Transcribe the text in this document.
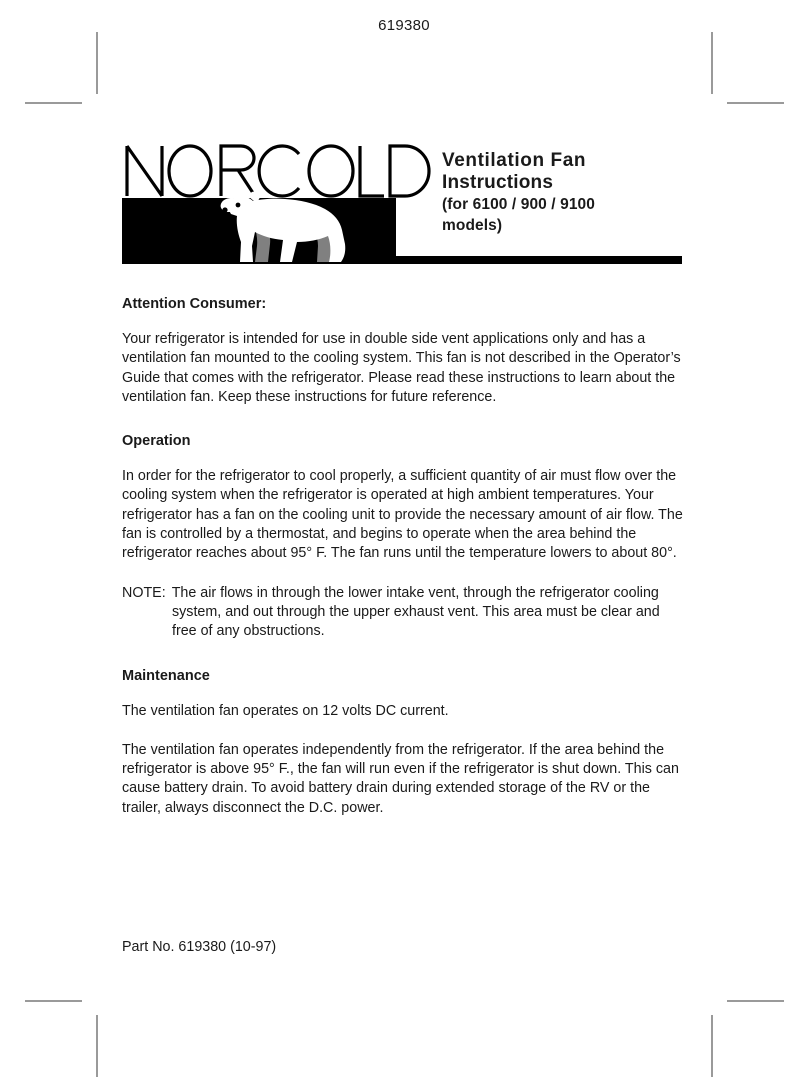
619380
Ventilation Fan
Instructions
(for 6100 / 900 / 9100
models)
Attention Consumer:

Your refrigerator is intended for use in double side vent applications only and has a ventilation fan mounted to the cooling system. This fan is not described in the Operator’s Guide that comes with the refrigerator. Please read these instructions to learn about the ventilation fan. Keep these instructions for future reference.

Operation

In order for the refrigerator to cool properly, a sufficient quantity of air must flow over the cooling system when the refrigerator is operated at high ambient temperatures. Your refrigerator has a fan on the cooling unit to provide the necessary amount of air flow. The fan is controlled by a thermostat, and begins to operate when the area behind the refrigerator reaches about 95° F. The fan runs until the temperature lowers to about 80°.

NOTE: The air flows in through the lower intake vent, through the refrigerator cooling system, and out through the upper exhaust vent. This area must be clear and free of any obstructions.

Maintenance

The ventilation fan operates on 12 volts DC current.

The ventilation fan operates independently from the refrigerator. If the area behind the refrigerator is above 95° F., the fan will run even if the refrigerator is shut down. This can cause battery drain. To avoid battery drain during extended storage of the RV or the trailer, always disconnect the D.C. power.

Part No. 619380 (10-97)
